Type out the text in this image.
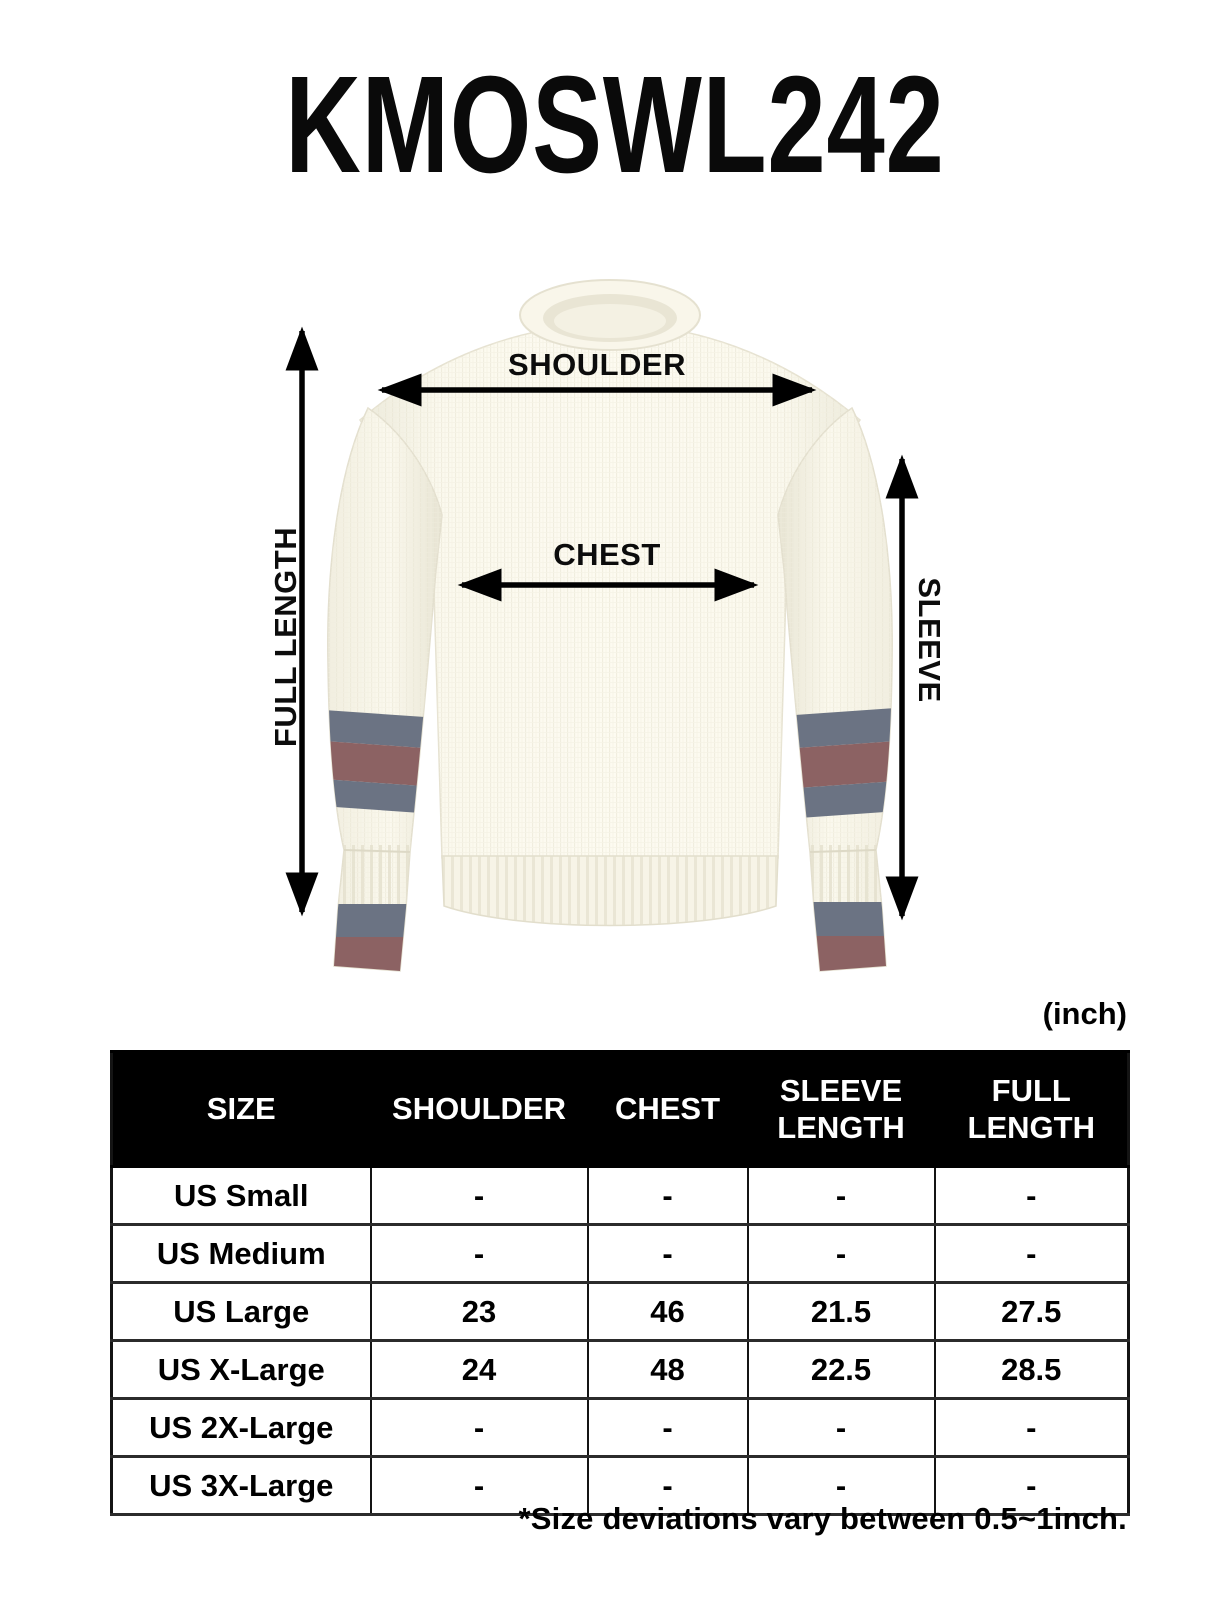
KMOSWL242
SHOULDER
CHEST
FULL LENGTH	SLEEVE
(inch)
SIZE	SHOULDER	CHEST	SLEEVE LENGTH	FULL LENGTH
US Small	-	-	-	-
US Medium	-	-	-	-
US Large	23	46	21.5	27.5
US X-Large	24	48	22.5	28.5
US 2X-Large	-	-	-	-
US 3X-Large	-	-	-	-
*Size deviations vary between 0.5~1inch.
